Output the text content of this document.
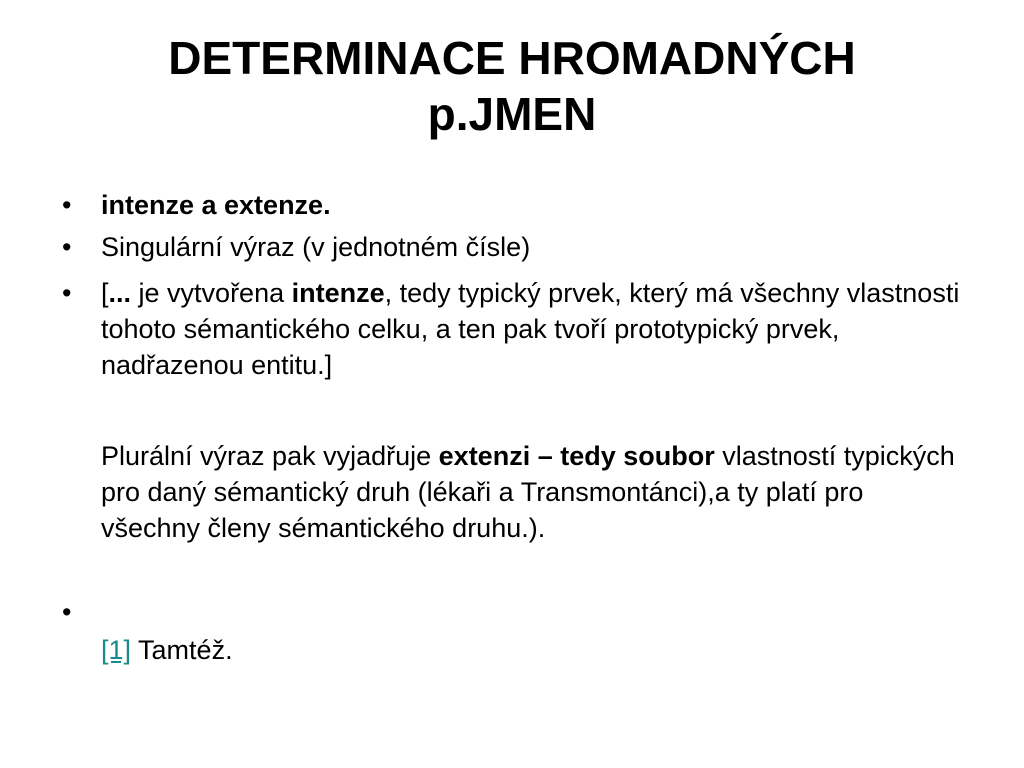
DETERMINACE HROMADNÝCH
p.JMEN
• intenze a extenze.
• Singulární výraz (v jednotném čísle)
• [... je vytvořena intenze, tedy typický prvek, který má všechny vlastnosti tohoto sémantického celku, a ten pak tvoří prototypický prvek, nadřazenou entitu.]
Plurální výraz pak vyjadřuje extenzi – tedy soubor vlastností typických pro daný sémantický druh (lékaři a Transmontánci),a ty platí pro všechny členy sémantického druhu.).
•
[1] Tamtéž.
